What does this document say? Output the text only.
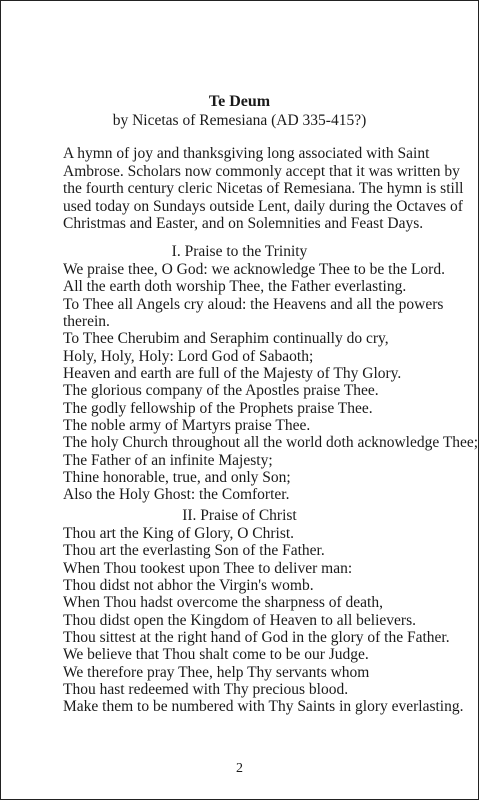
Te Deum
by Nicetas of Remesiana (AD 335-415?)
A hymn of joy and thanksgiving long associated with Saint
Ambrose. Scholars now commonly accept that it was written by
the fourth century cleric Nicetas of Remesiana. The hymn is still
used today on Sundays outside Lent, daily during the Octaves of
Christmas and Easter, and on Solemnities and Feast Days.
I. Praise to the Trinity
We praise thee, O God: we acknowledge Thee to be the Lord.
All the earth doth worship Thee, the Father everlasting.
To Thee all Angels cry aloud: the Heavens and all the powers
therein.
To Thee Cherubim and Seraphim continually do cry,
Holy, Holy, Holy: Lord God of Sabaoth;
Heaven and earth are full of the Majesty of Thy Glory.
The glorious company of the Apostles praise Thee.
The godly fellowship of the Prophets praise Thee.
The noble army of Martyrs praise Thee.
The holy Church throughout all the world doth acknowledge Thee;
The Father of an infinite Majesty;
Thine honorable, true, and only Son;
Also the Holy Ghost: the Comforter.
II. Praise of Christ
Thou art the King of Glory, O Christ.
Thou art the everlasting Son of the Father.
When Thou tookest upon Thee to deliver man:
Thou didst not abhor the Virgin's womb.
When Thou hadst overcome the sharpness of death,
Thou didst open the Kingdom of Heaven to all believers.
Thou sittest at the right hand of God in the glory of the Father.
We believe that Thou shalt come to be our Judge.
We therefore pray Thee, help Thy servants whom
Thou hast redeemed with Thy precious blood.
Make them to be numbered with Thy Saints in glory everlasting.
2
